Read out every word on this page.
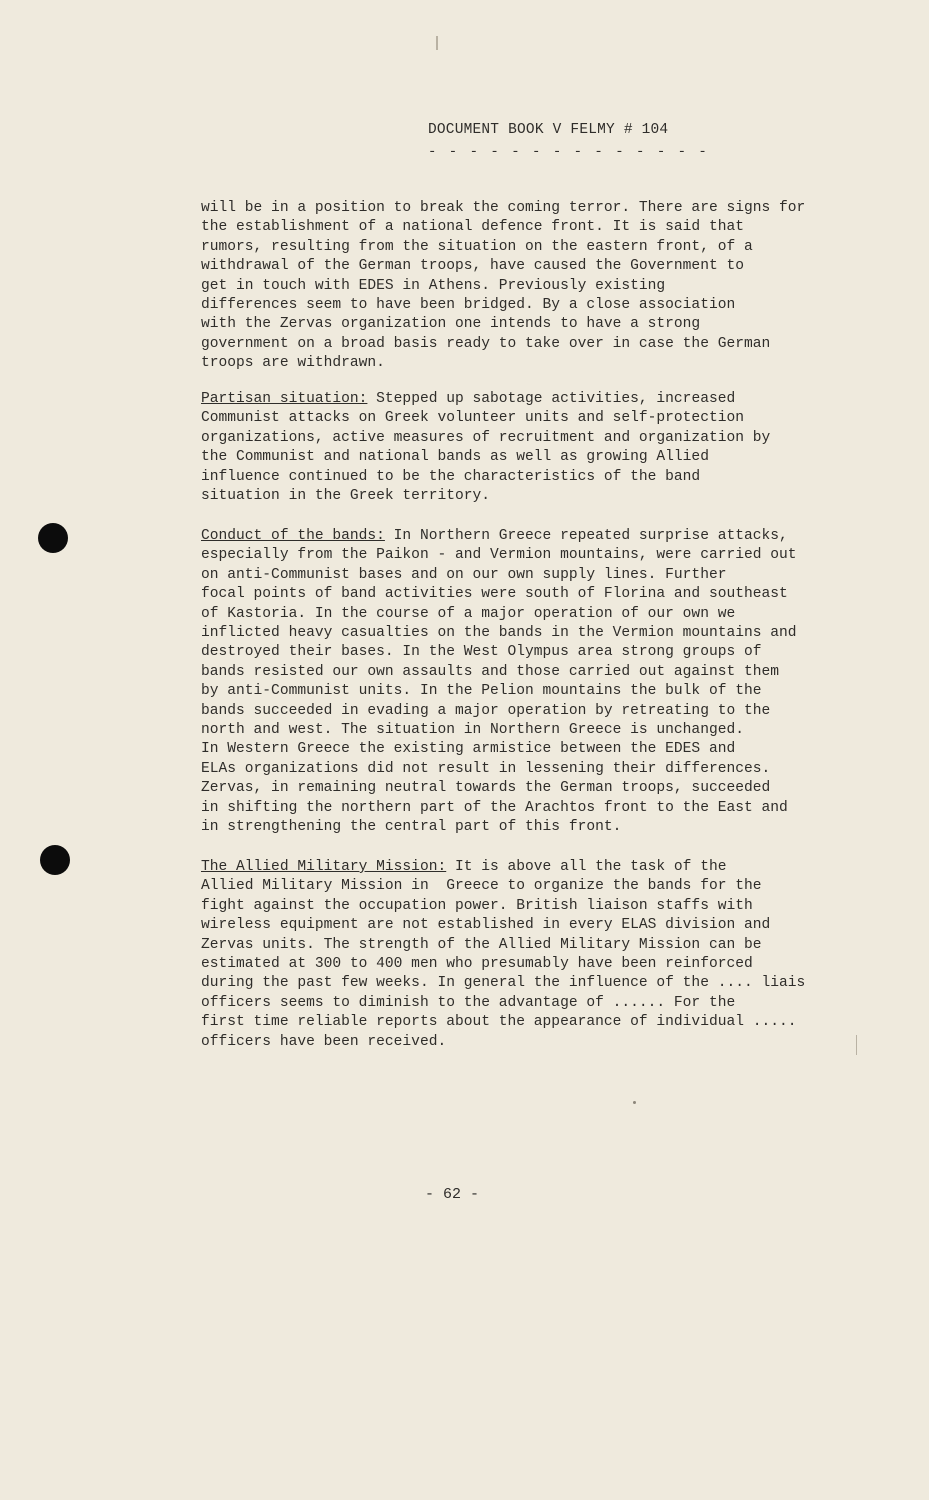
DOCUMENT BOOK V FELMY # 104
- - - - - - - - - - - - - -
will be in a position to break the coming terror. There are signs for
the establishment of a national defence front. It is said that
rumors, resulting from the situation on the eastern front, of a
withdrawal of the German troops, have caused the Government to
get in touch with EDES in Athens. Previously existing
differences seem to have been bridged. By a close association
with the Zervas organization one intends to have a strong
government on a broad basis ready to take over in case the German
troops are withdrawn.
Partisan situation: Stepped up sabotage activities, increased
Communist attacks on Greek volunteer units and self-protection
organizations, active measures of recruitment and organization by
the Communist and national bands as well as growing Allied
influence continued to be the characteristics of the band
situation in the Greek territory.
Conduct of the bands: In Northern Greece repeated surprise attacks,
especially from the Paikon - and Vermion mountains, were carried out
on anti-Communist bases and on our own supply lines. Further
focal points of band activities were south of Florina and southeast
of Kastoria. In the course of a major operation of our own we
inflicted heavy casualties on the bands in the Vermion mountains and
destroyed their bases. In the West Olympus area strong groups of
bands resisted our own assaults and those carried out against them
by anti-Communist units. In the Pelion mountains the bulk of the
bands succeeded in evading a major operation by retreating to the
north and west. The situation in Northern Greece is unchanged.
In Western Greece the existing armistice between the EDES and
ELAs organizations did not result in lessening their differences.
Zervas, in remaining neutral towards the German troops, succeeded
in shifting the northern part of the Arachtos front to the East and
in strengthening the central part of this front.
The Allied Military Mission: It is above all the task of the
Allied Military Mission in  Greece to organize the bands for the
fight against the occupation power. British liaison staffs with
wireless equipment are not established in every ELAS division and
Zervas units. The strength of the Allied Military Mission can be
estimated at 300 to 400 men who presumably have been reinforced
during the past few weeks. In general the influence of the .... liais
officers seems to diminish to the advantage of ...... For the
first time reliable reports about the appearance of individual .....
officers have been received.
- 62 -
